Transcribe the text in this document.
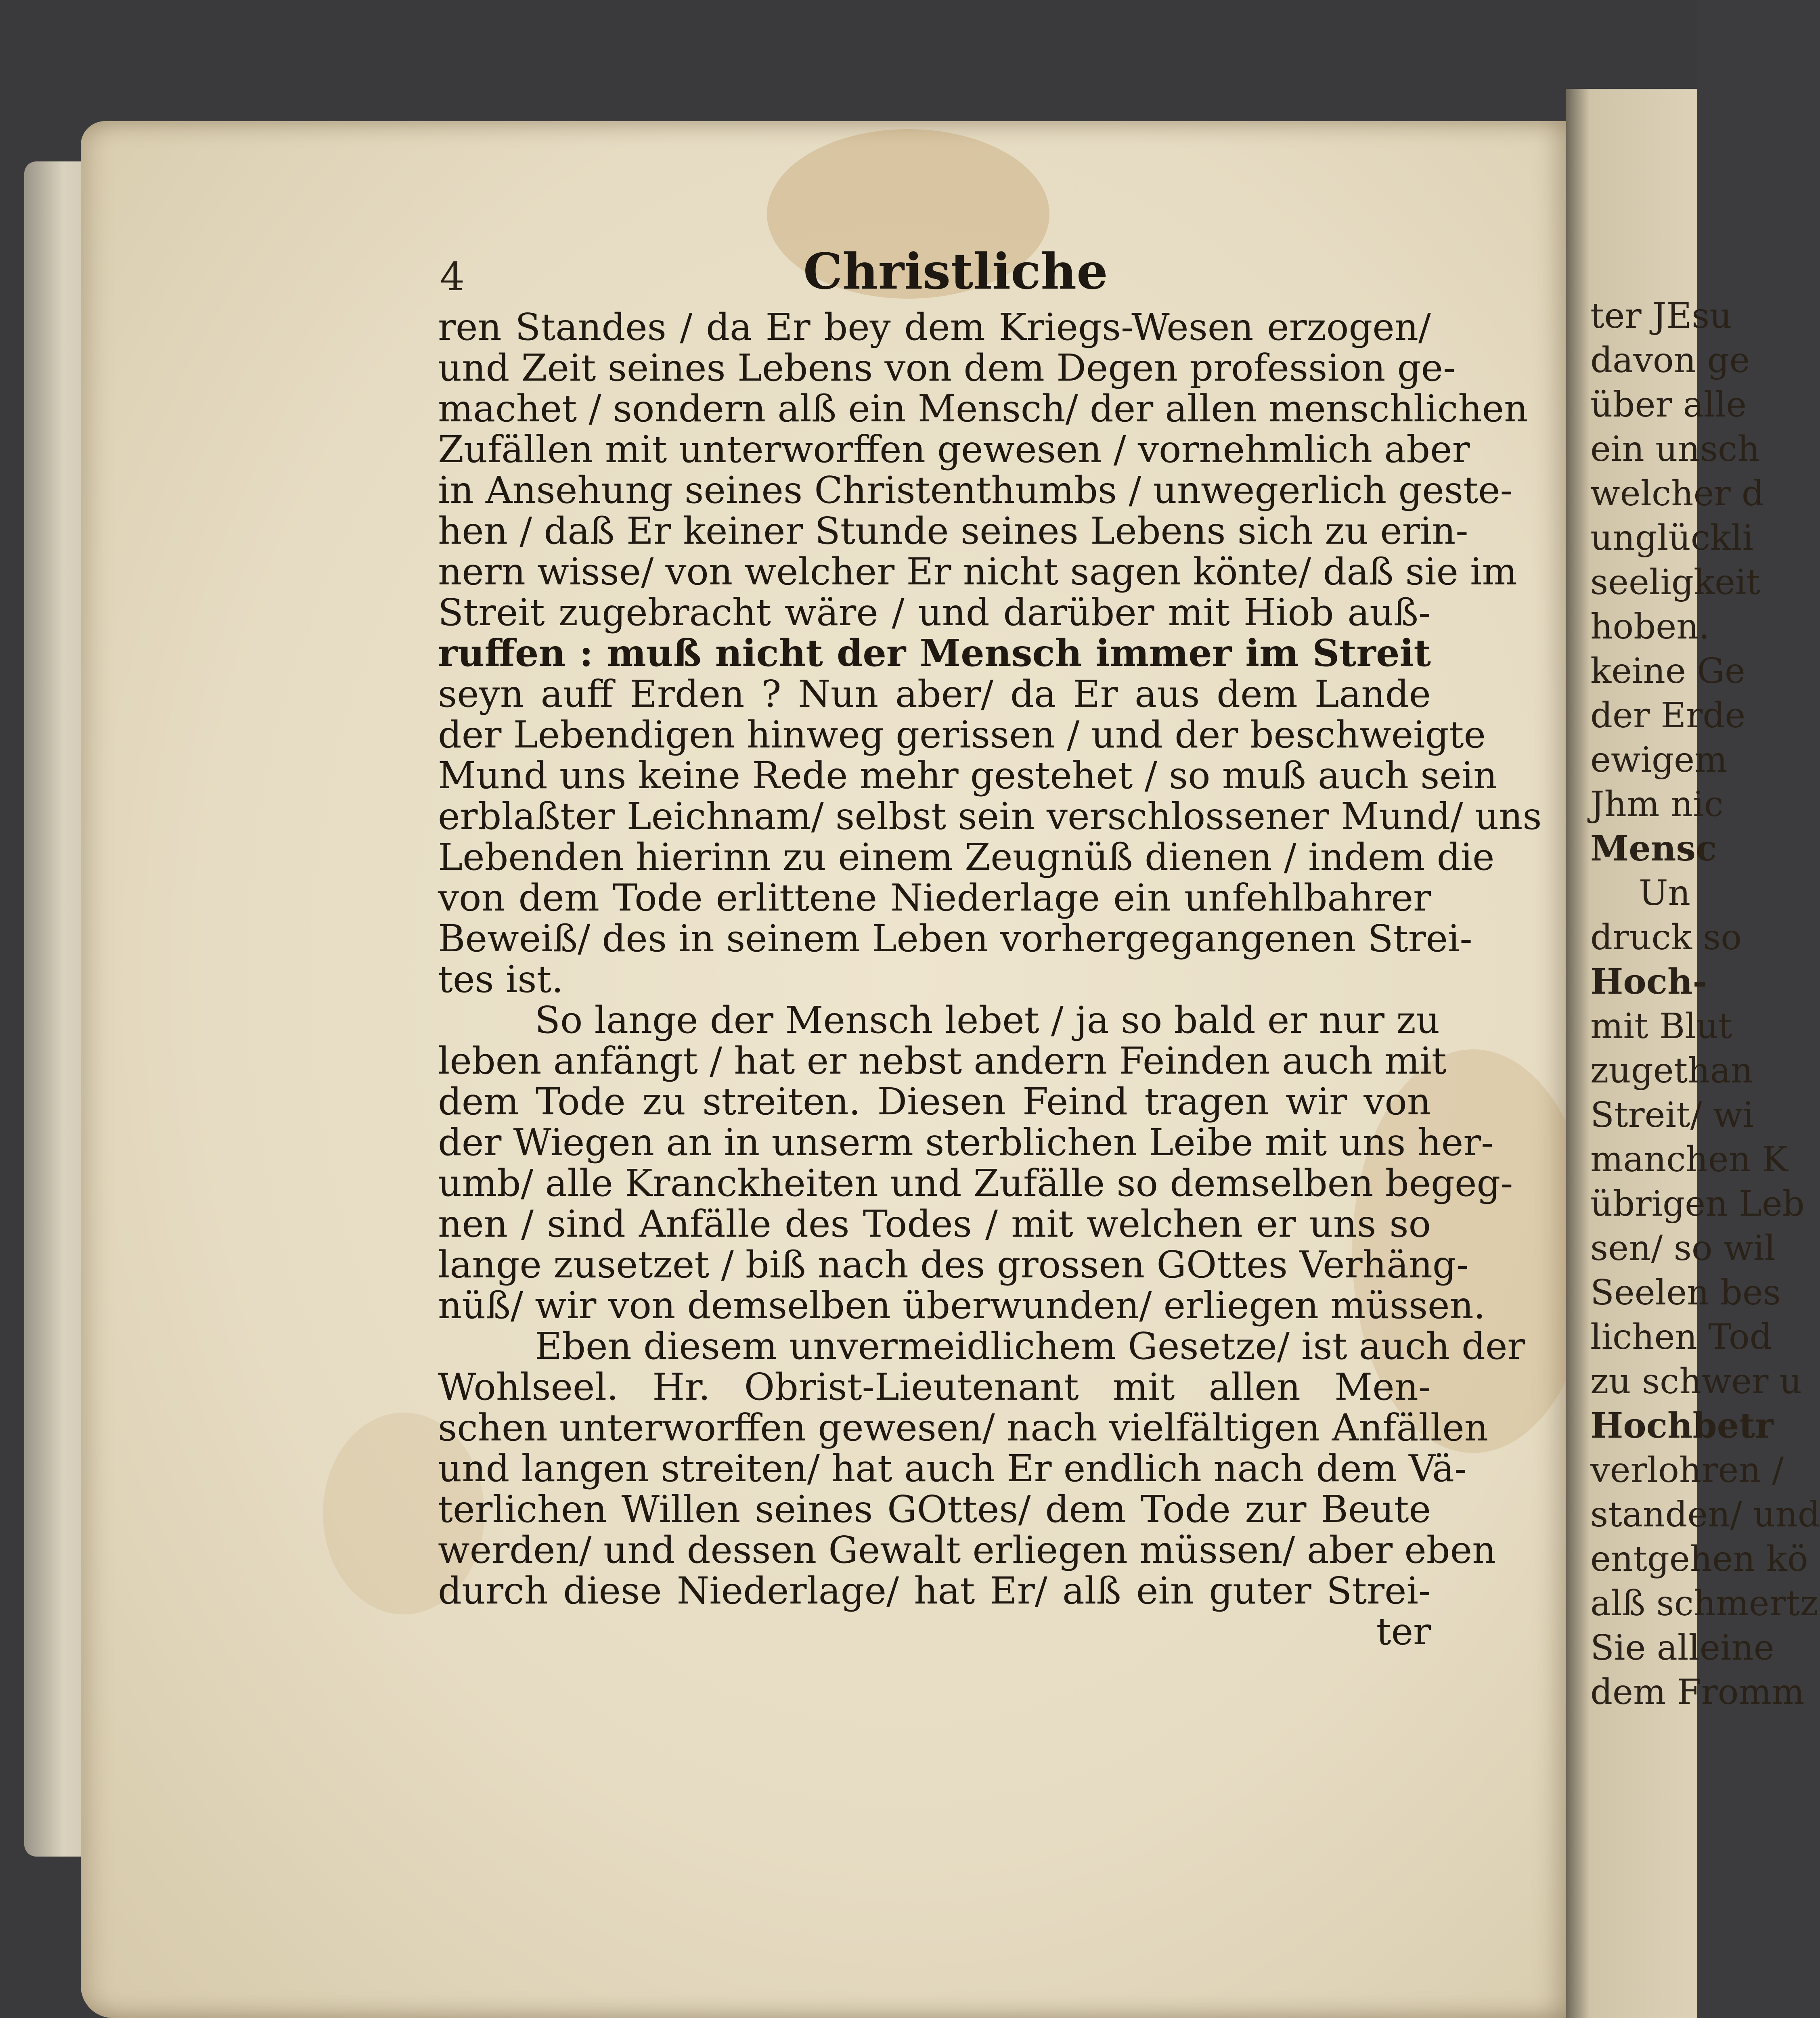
4	Christliche
ren Standes / da Er bey dem Kriegs-Wesen erzogen/
und Zeit seines Lebens von dem Degen profession ge-
machet / sondern alß ein Mensch/ der allen menschlichen
Zufällen mit unterworffen gewesen / vornehmlich aber
in Ansehung seines Christenthumbs / unwegerlich geste-
hen / daß Er keiner Stunde seines Lebens sich zu erin-
nern wisse/ von welcher Er nicht sagen könte/ daß sie im
Streit zugebracht wäre / und darüber mit Hiob auß-
ruffen : muß nicht der Mensch immer im Streit
seyn auff Erden ? Nun aber/ da Er aus dem Lande
der Lebendigen hinweg gerissen / und der beschweigte
Mund uns keine Rede mehr gestehet / so muß auch sein
erblaßter Leichnam/ selbst sein verschlossener Mund/ uns
Lebenden hierinn zu einem Zeugnüß dienen / indem die
von dem Tode erlittene Niederlage ein unfehlbahrer
Beweiß/ des in seinem Leben vorhergegangenen Strei-
tes ist.
So lange der Mensch lebet / ja so bald er nur zu
leben anfängt / hat er nebst andern Feinden auch mit
dem Tode zu streiten. Diesen Feind tragen wir von
der Wiegen an in unserm sterblichen Leibe mit uns her-
umb/ alle Kranckheiten und Zufälle so demselben begeg-
nen / sind Anfälle des Todes / mit welchen er uns so
lange zusetzet / biß nach des grossen GOttes Verhäng-
nüß/ wir von demselben überwunden/ erliegen müssen.
Eben diesem unvermeidlichem Gesetze/ ist auch der
Wohlseel. Hr. Obrist-Lieutenant mit allen Men-
schen unterworffen gewesen/ nach vielfältigen Anfällen
und langen streiten/ hat auch Er endlich nach dem Vä-
terlichen Willen seines GOttes/ dem Tode zur Beute
werden/ und dessen Gewalt erliegen müssen/ aber eben
durch diese Niederlage/ hat Er/ alß ein guter Strei-
ter
ter JEsu
davon ge
über alle
ein unsch
welcher d
unglückli
seeligkeit
hoben.
keine Ge
der Erde
ewigem
Jhm nic
Mensc
Un
druck so
Hoch-
mit Blut
zugethan
Streit/ wi
manchen K
übrigen Leb
sen/ so wil
Seelen bes
lichen Tod
zu schwer u
Hochbetr
verlohren /
standen/ und
entgehen kö
alß schmertz
Sie alleine
dem Fromm
